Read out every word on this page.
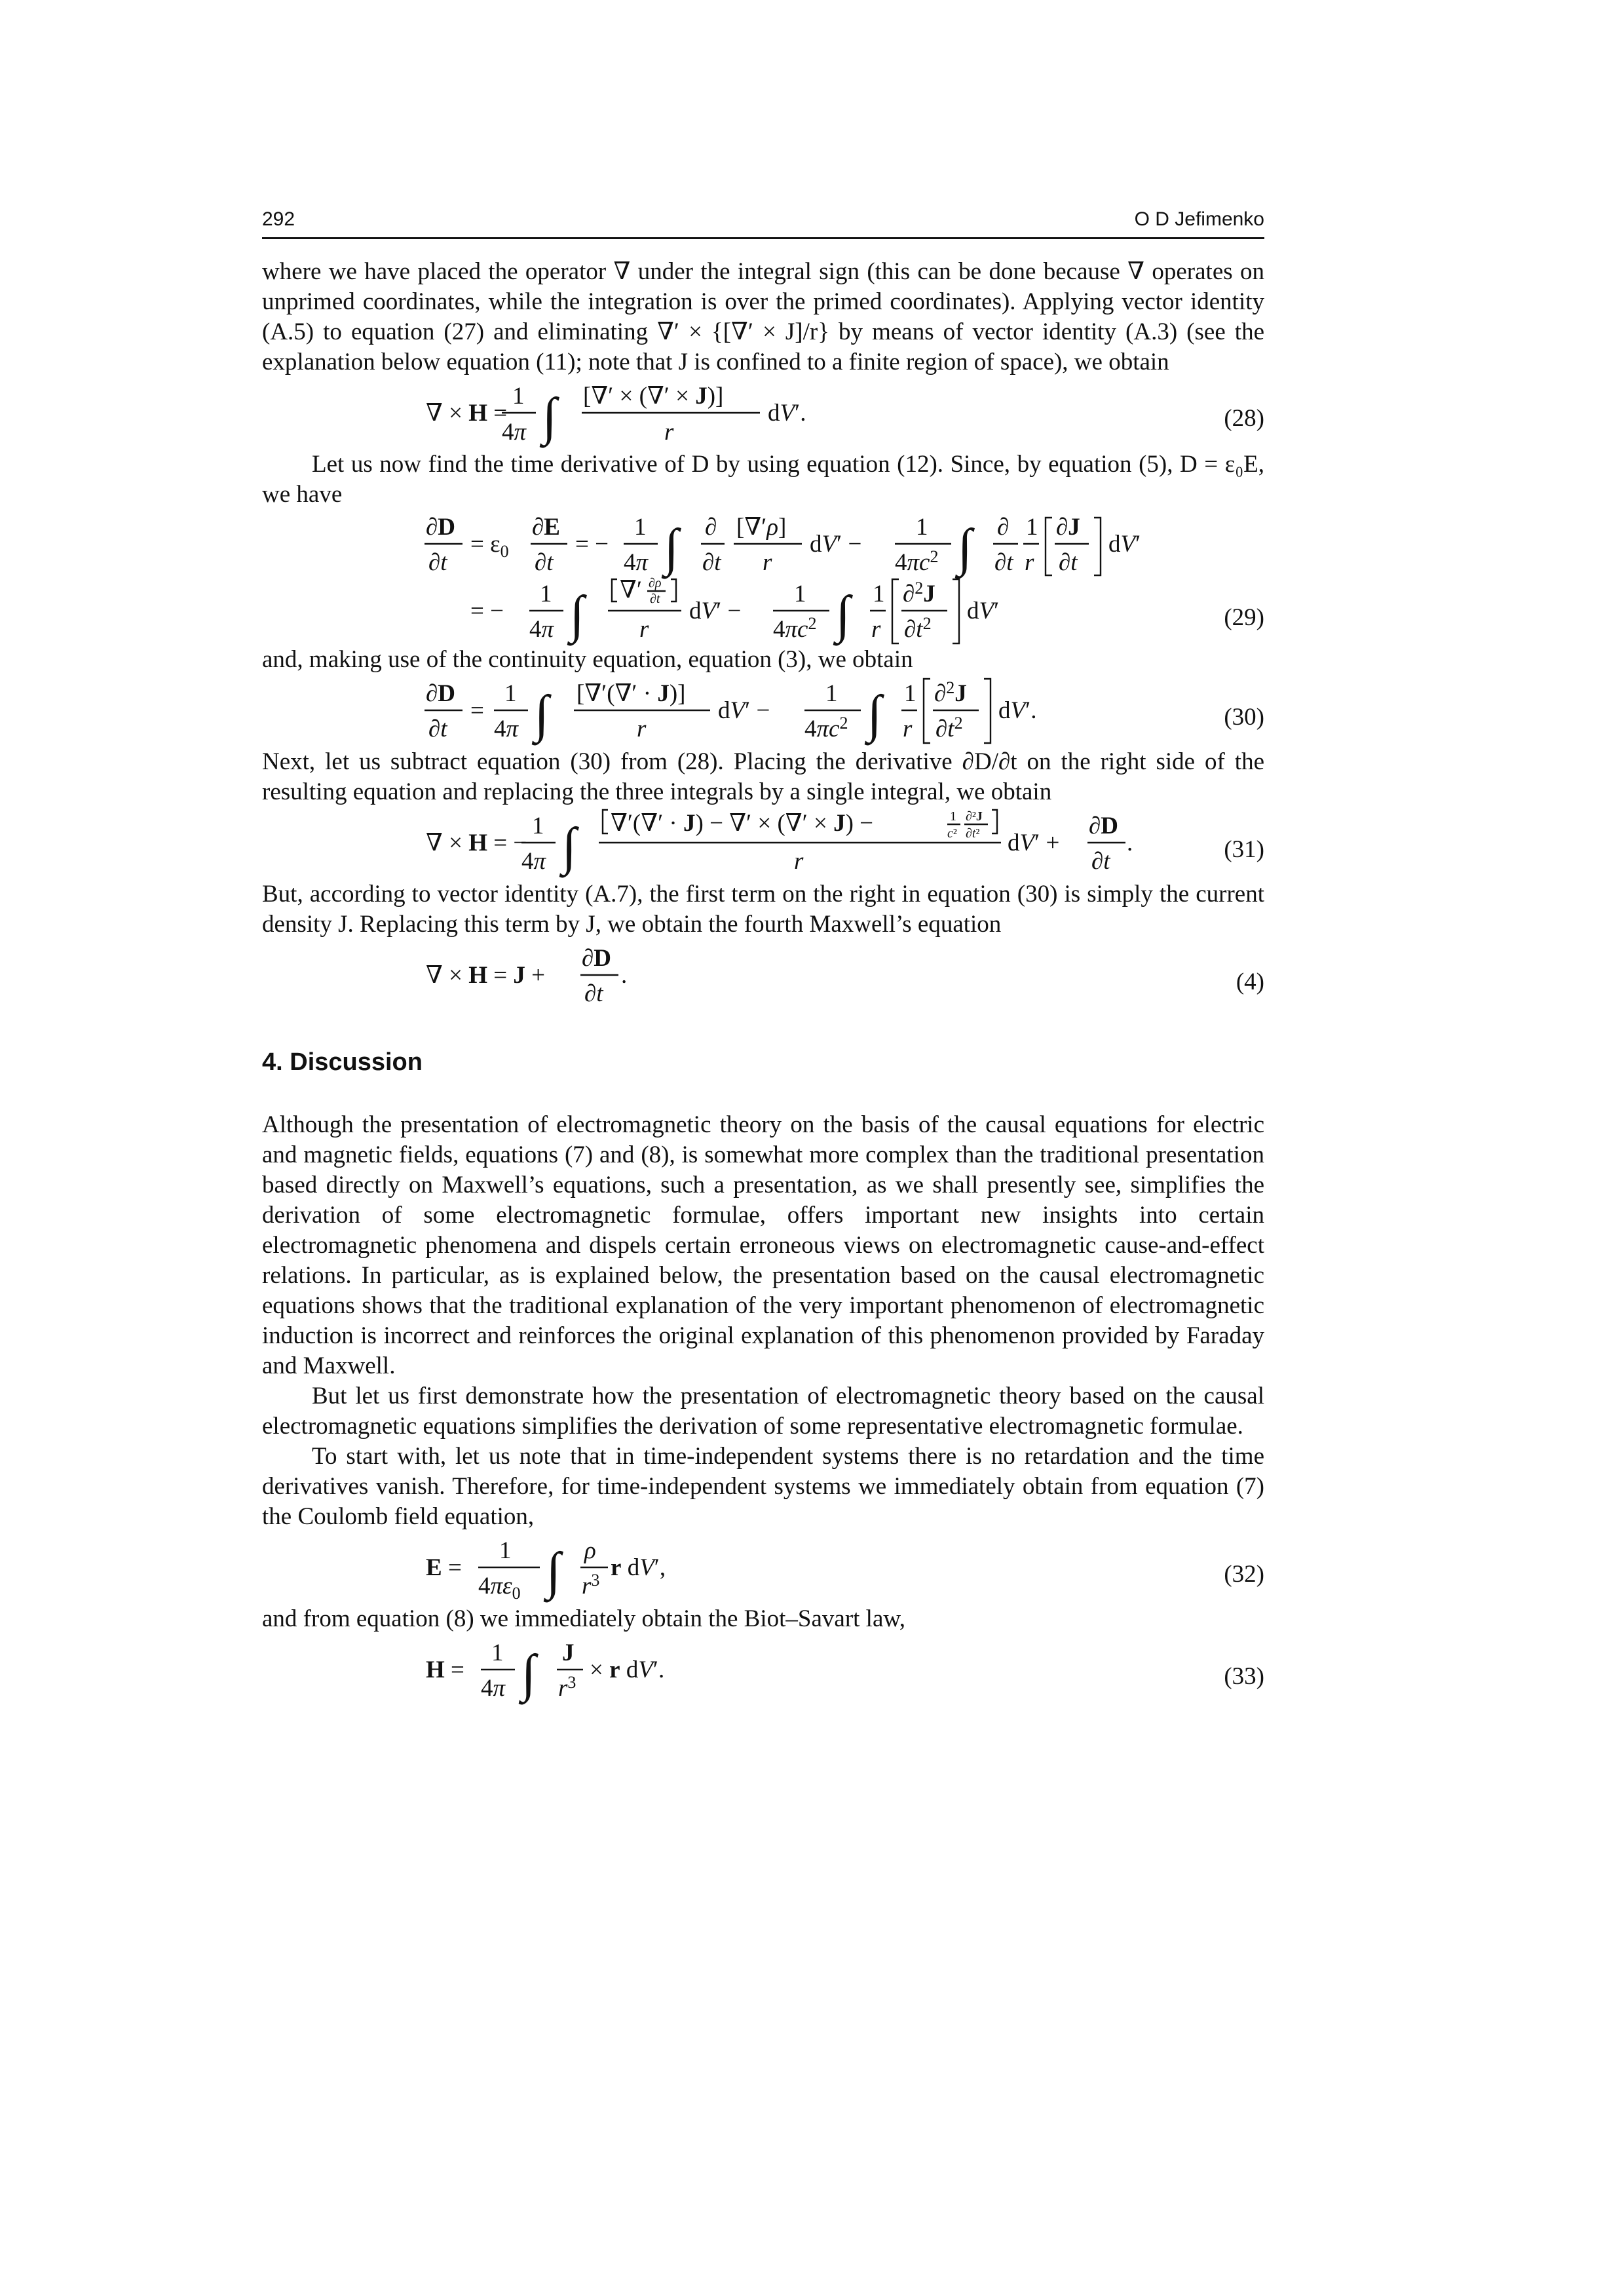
292	O D Jefimenko

where we have placed the operator ∇ under the integral sign (this can be done because ∇ operates on unprimed coordinates, while the integration is over the primed coordinates). Applying vector identity (A.5) to equation (27) and eliminating ∇′ × {[∇′ × J]/r} by means of vector identity (A.3) (see the explanation below equation (11); note that J is confined to a finite region of space), we obtain

∇ × H =
1
4π ∫ [∇′ × (∇′ × J)]
r
dV′.	(28)

Let us now find the time derivative of D by using equation (12). Since, by equation (5), D = ε₀E, we have

∂D
∂t
= $\varepsilon_0$
∂E
∂t
= −
1
4π ∫ ∂
∂t
[∇′ρ]
r
dV′ −
1
$4\pi c^2$ ∫ ∂
∂t
1
r
∂J
∂t
dV′
= −
1
4π ∫ ∇′ ∂ρ
∂t
r
dV′ −
1
$4\pi c^2$ ∫ 1
r
∂$^2$J
$\partial t^2$ dV′	(29)

and, making use of the continuity equation, equation (3), we obtain

∂D
∂t
=
1
4π ∫ [∇′(∇′ · J)]
r
dV′ −
1
$4\pi c^2$ ∫ 1
r
∂$^2$J
$\partial t^2$ dV′.	(30)

Next, let us subtract equation (30) from (28). Placing the derivative ∂D/∂t on the right side of the resulting equation and replacing the three integrals by a single integral, we obtain

∇ × H = −
1
4π ∫ ∇′(∇′ · J) − ∇′ × (∇′ × J) −	1
c²
∂²J
∂t²
r
dV′ +
∂D
∂t
.	(31)

But, according to vector identity (A.7), the first term on the right in equation (30) is simply the current density J. Replacing this term by J, we obtain the fourth Maxwell’s equation

∇ × H = J +
∂D
∂t
.	(4)
4. Discussion

Although the presentation of electromagnetic theory on the basis of the causal equations for electric and magnetic fields, equations (7) and (8), is somewhat more complex than the traditional presentation based directly on Maxwell’s equations, such a presentation, as we shall presently see, simplifies the derivation of some electromagnetic formulae, offers important new insights into certain electromagnetic phenomena and dispels certain erroneous views on electromagnetic cause-and-effect relations. In particular, as is explained below, the presentation based on the causal electromagnetic equations shows that the traditional explanation of the very important phenomenon of electromagnetic induction is incorrect and reinforces the original explanation of this phenomenon provided by Faraday and Maxwell.

But let us first demonstrate how the presentation of electromagnetic theory based on the causal electromagnetic equations simplifies the derivation of some representative electromagnetic formulae.

To start with, let us note that in time-independent systems there is no retardation and the time derivatives vanish. Therefore, for time-independent systems we immediately obtain from equation (7) the Coulomb field equation,

E =
1
$4\pi\varepsilon_0$ ∫ ρ
$r^3$ r dV′,	(32)

and from equation (8) we immediately obtain the Biot–Savart law,

H =
1
4π ∫ J
$r^3 \times r$ dV′.	(33)
